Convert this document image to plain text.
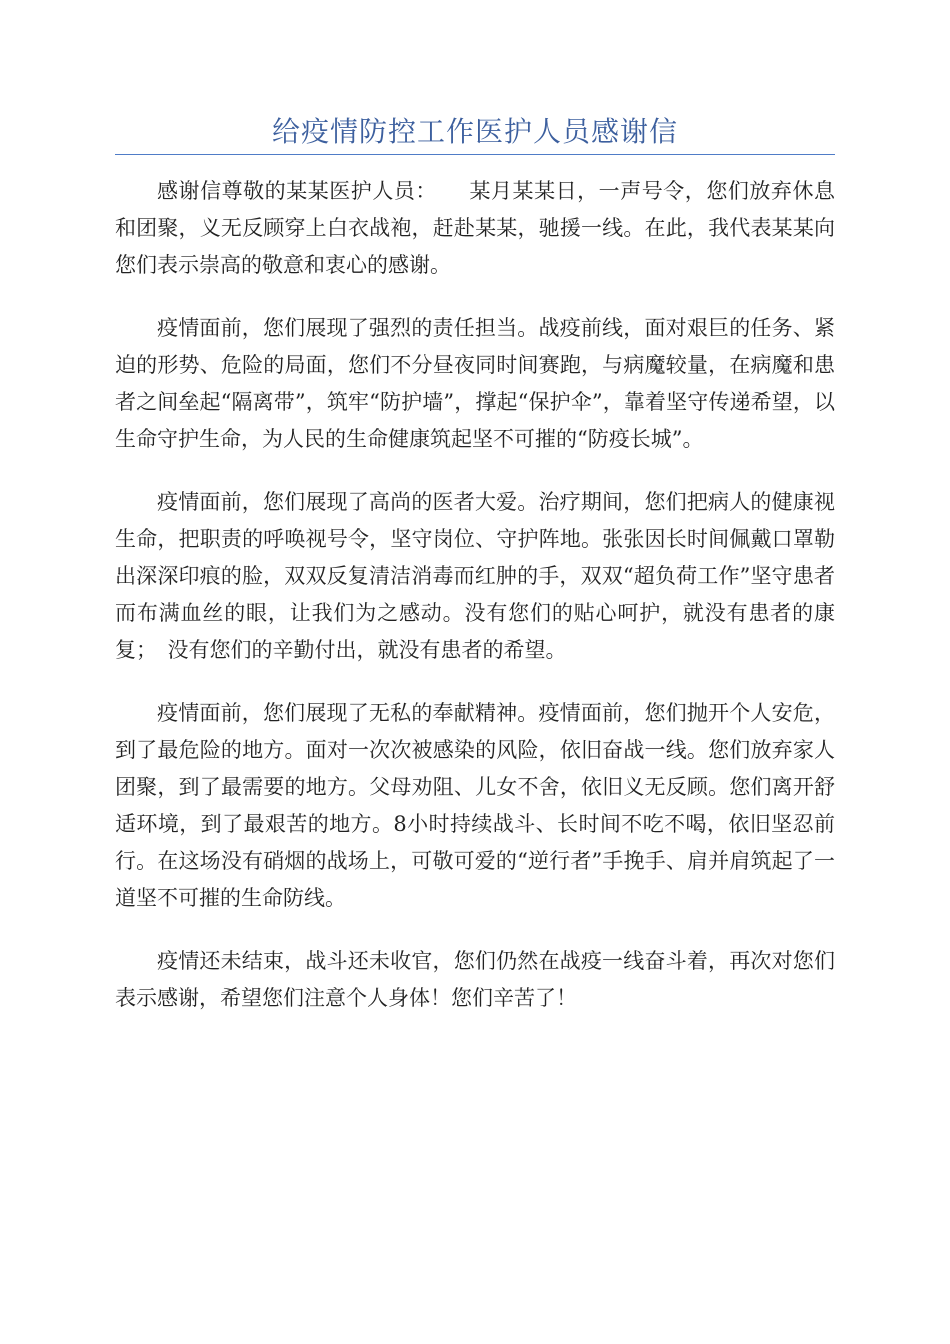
给疫情防控工作医护人员感谢信

感谢信尊敬的某某医护人员：　　某月某某日，一声号令，您们放弃休息和团聚，义无反顾穿上白衣战袍，赶赴某某，驰援一线。在此，我代表某某向您们表示崇高的敬意和衷心的感谢。

疫情面前，您们展现了强烈的责任担当。战疫前线，面对艰巨的任务、紧迫的形势、危险的局面，您们不分昼夜同时间赛跑，与病魔较量，在病魔和患者之间垒起“隔离带”，筑牢“防护墙”，撑起“保护伞”，靠着坚守传递希望，以生命守护生命，为人民的生命健康筑起坚不可摧的“防疫长城”。

疫情面前，您们展现了高尚的医者大爱。治疗期间，您们把病人的健康视生命，把职责的呼唤视号令，坚守岗位、守护阵地。张张因长时间佩戴口罩勒出深深印痕的脸，双双反复清洁消毒而红肿的手，双双“超负荷工作”坚守患者而布满血丝的眼，让我们为之感动。没有您们的贴心呵护，就没有患者的康复；　没有您们的辛勤付出，就没有患者的希望。

疫情面前，您们展现了无私的奉献精神。疫情面前，您们抛开个人安危，到了最危险的地方。面对一次次被感染的风险，依旧奋战一线。您们放弃家人团聚，到了最需要的地方。父母劝阻、儿女不舍，依旧义无反顾。您们离开舒适环境，到了最艰苦的地方。8小时持续战斗、长时间不吃不喝，依旧坚忍前行。在这场没有硝烟的战场上，可敬可爱的“逆行者”手挽手、肩并肩筑起了一道坚不可摧的生命防线。

疫情还未结束，战斗还未收官，您们仍然在战疫一线奋斗着，再次对您们表示感谢，希望您们注意个人身体！您们辛苦了！
